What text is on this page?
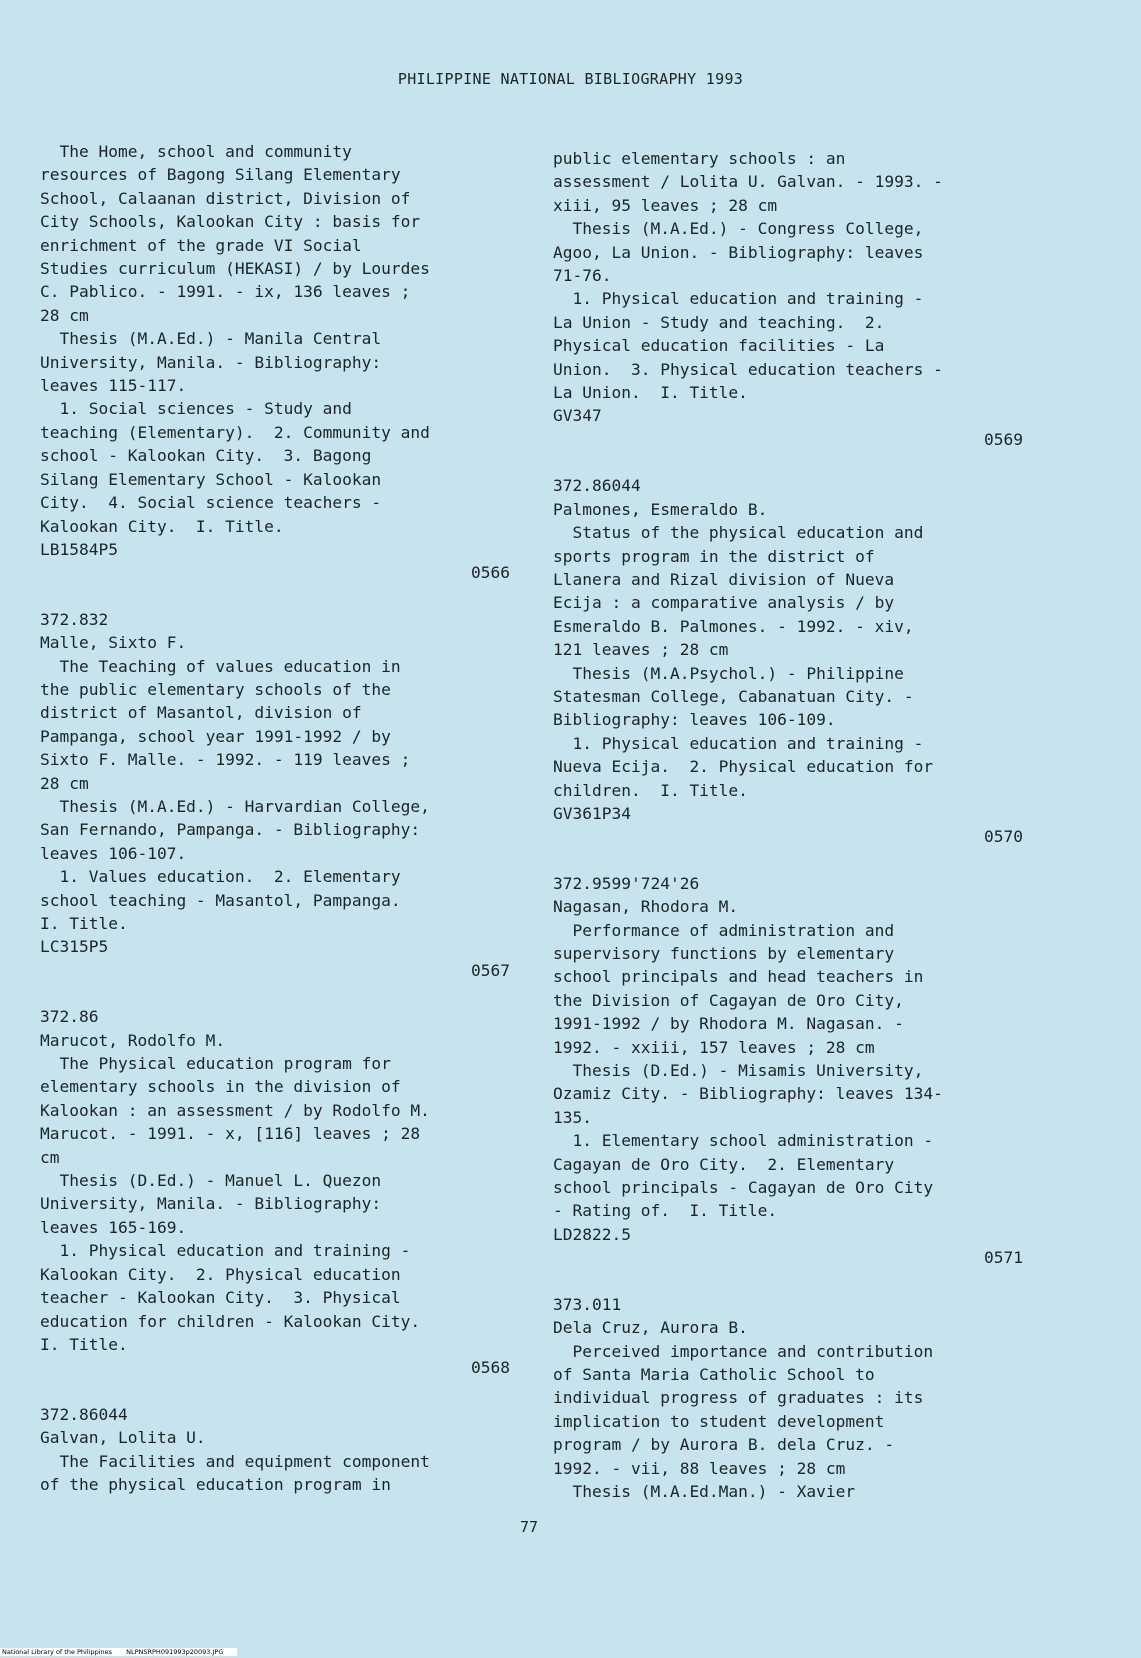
PHILIPPINE NATIONAL BIBLIOGRAPHY 1993
The Home, school and community
resources of Bagong Silang Elementary
School, Calaanan district, Division of
City Schools, Kalookan City : basis for
enrichment of the grade VI Social
Studies curriculum (HEKASI) / by Lourdes
C. Pablico. - 1991. - ix, 136 leaves ;
28 cm
Thesis (M.A.Ed.) - Manila Central
University, Manila. - Bibliography:
leaves 115-117.
1. Social sciences - Study and
teaching (Elementary).  2. Community and
school - Kalookan City.  3. Bagong
Silang Elementary School - Kalookan
City.  4. Social science teachers -
Kalookan City.  I. Title.
LB1584P5
0566
372.832
Malle, Sixto F.
The Teaching of values education in
the public elementary schools of the
district of Masantol, division of
Pampanga, school year 1991-1992 / by
Sixto F. Malle. - 1992. - 119 leaves ;
28 cm
Thesis (M.A.Ed.) - Harvardian College,
San Fernando, Pampanga. - Bibliography:
leaves 106-107.
1. Values education.  2. Elementary
school teaching - Masantol, Pampanga.
I. Title.
LC315P5
0567
372.86
Marucot, Rodolfo M.
The Physical education program for
elementary schools in the division of
Kalookan : an assessment / by Rodolfo M.
Marucot. - 1991. - x, [116] leaves ; 28
cm
Thesis (D.Ed.) - Manuel L. Quezon
University, Manila. - Bibliography:
leaves 165-169.
1. Physical education and training -
Kalookan City.  2. Physical education
teacher - Kalookan City.  3. Physical
education for children - Kalookan City.
I. Title.
0568
372.86044
Galvan, Lolita U.
The Facilities and equipment component
of the physical education program in
public elementary schools : an
assessment / Lolita U. Galvan. - 1993. -
xiii, 95 leaves ; 28 cm
Thesis (M.A.Ed.) - Congress College,
Agoo, La Union. - Bibliography: leaves
71-76.
1. Physical education and training -
La Union - Study and teaching.  2.
Physical education facilities - La
Union.  3. Physical education teachers -
La Union.  I. Title.
GV347
0569
372.86044
Palmones, Esmeraldo B.
Status of the physical education and
sports program in the district of
Llanera and Rizal division of Nueva
Ecija : a comparative analysis / by
Esmeraldo B. Palmones. - 1992. - xiv,
121 leaves ; 28 cm
Thesis (M.A.Psychol.) - Philippine
Statesman College, Cabanatuan City. -
Bibliography: leaves 106-109.
1. Physical education and training -
Nueva Ecija.  2. Physical education for
children.  I. Title.
GV361P34
0570
372.9599'724'26
Nagasan, Rhodora M.
Performance of administration and
supervisory functions by elementary
school principals and head teachers in
the Division of Cagayan de Oro City,
1991-1992 / by Rhodora M. Nagasan. -
1992. - xxiii, 157 leaves ; 28 cm
Thesis (D.Ed.) - Misamis University,
Ozamiz City. - Bibliography: leaves 134-
135.
1. Elementary school administration -
Cagayan de Oro City.  2. Elementary
school principals - Cagayan de Oro City
- Rating of.  I. Title.
LD2822.5
0571
373.011
Dela Cruz, Aurora B.
Perceived importance and contribution
of Santa Maria Catholic School to
individual progress of graduates : its
implication to student development
program / by Aurora B. dela Cruz. -
1992. - vii, 88 leaves ; 28 cm
Thesis (M.A.Ed.Man.) - Xavier
77
National Library of the Philippines NLPNSRPH091993p20093.JPG
